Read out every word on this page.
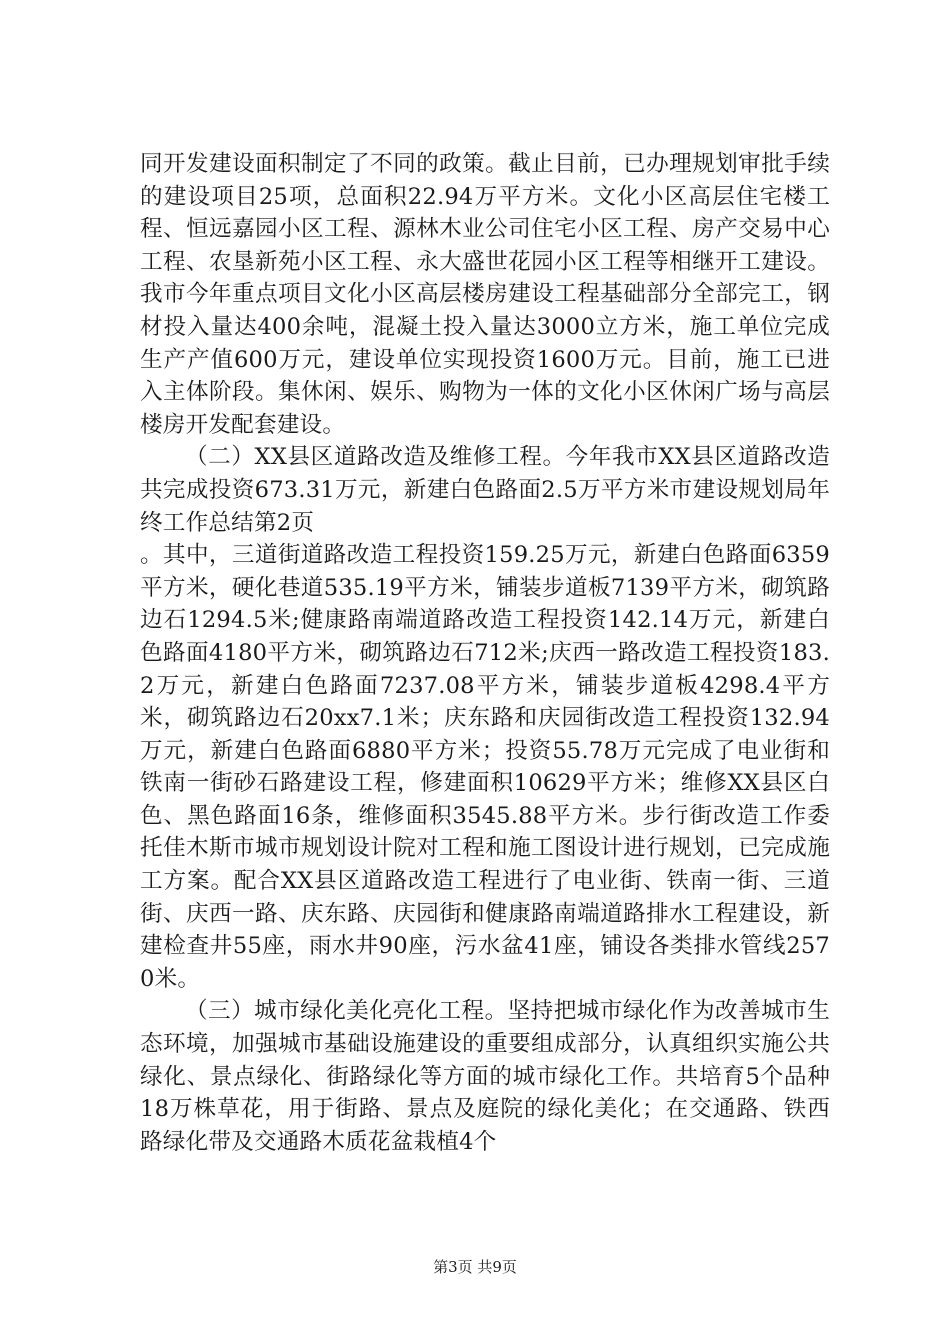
同开发建设面积制定了不同的政策。截止目前，已办理规划审批手续的建设项目25项，总面积22.94万平方米。文化小区高层住宅楼工程、恒远嘉园小区工程、源林木业公司住宅小区工程、房产交易中心工程、农垦新苑小区工程、永大盛世花园小区工程等相继开工建设。我市今年重点项目文化小区高层楼房建设工程基础部分全部完工，钢材投入量达400余吨，混凝土投入量达3000立方米，施工单位完成生产产值600万元，建设单位实现投资1600万元。目前，施工已进入主体阶段。集休闲、娱乐、购物为一体的文化小区休闲广场与高层楼房开发配套建设。

（二）XX县区道路改造及维修工程。今年我市XX县区道路改造共完成投资673.31万元，新建白色路面2.5万平方米市建设规划局年终工作总结第2页

。其中，三道街道路改造工程投资159.25万元，新建白色路面6359平方米，硬化巷道535.19平方米，铺装步道板7139平方米，砌筑路边石1294.5米;健康路南端道路改造工程投资142.14万元，新建白色路面4180平方米，砌筑路边石712米;庆西一路改造工程投资183.2万元，新建白色路面7237.08平方米，铺装步道板4298.4平方米，砌筑路边石20xx7.1米；庆东路和庆园街改造工程投资132.94万元，新建白色路面6880平方米；投资55.78万元完成了电业街和铁南一街砂石路建设工程，修建面积10629平方米；维修XX县区白色、黑色路面16条，维修面积3545.88平方米。步行街改造工作委托佳木斯市城市规划设计院对工程和施工图设计进行规划，已完成施工方案。配合XX县区道路改造工程进行了电业街、铁南一街、三道街、庆西一路、庆东路、庆园街和健康路南端道路排水工程建设，新建检查井55座，雨水井90座，污水盆41座，铺设各类排水管线2570米。

（三）城市绿化美化亮化工程。坚持把城市绿化作为改善城市生态环境，加强城市基础设施建设的重要组成部分，认真组织实施公共绿化、景点绿化、街路绿化等方面的城市绿化工作。共培育5个品种18万株草花，用于街路、景点及庭院的绿化美化；在交通路、铁西路绿化带及交通路木质花盆栽植4个

第3页 共9页
